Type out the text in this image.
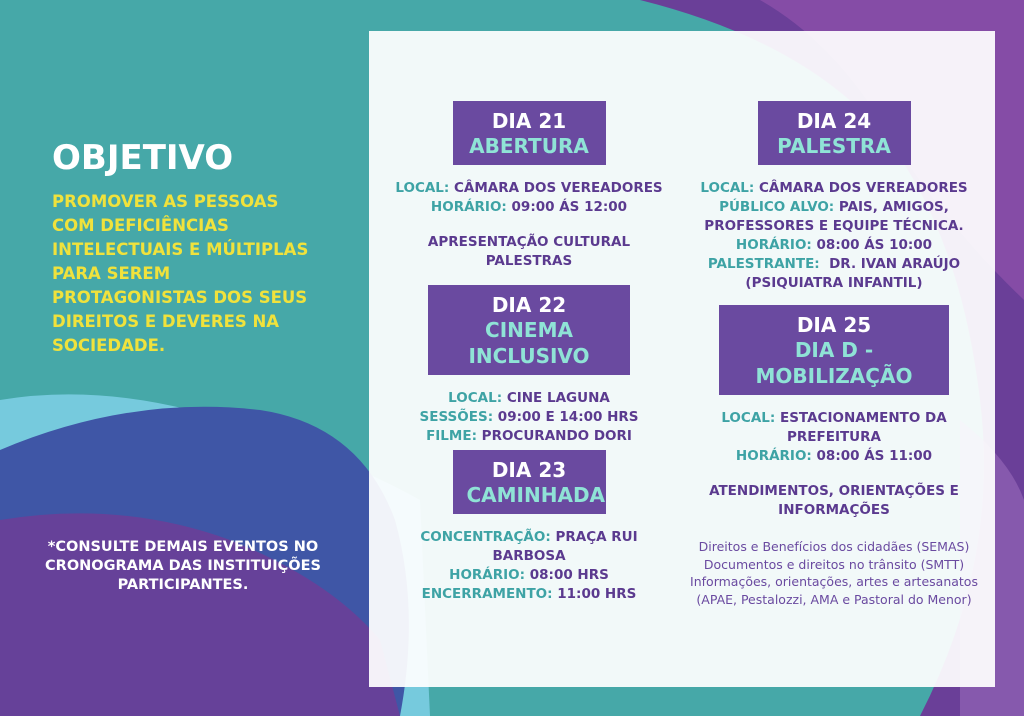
OBJETIVO

PROMOVER AS PESSOAS COM DEFICIÊNCIAS INTELECTUAIS E MÚLTIPLAS PARA SEREM PROTAGONISTAS DOS SEUS DIREITOS E DEVERES NA SOCIEDADE.

*CONSULTE DEMAIS EVENTOS NO CRONOGRAMA DAS INSTITUIÇÕES PARTICIPANTES.

DIA 21
ABERTURA
LOCAL: CÂMARA DOS VEREADORES
HORÁRIO: 09:00 ÁS 12:00
APRESENTAÇÃO CULTURAL
PALESTRAS
DIA 22
CINEMA INCLUSIVO
LOCAL: CINE LAGUNA
SESSÕES: 09:00 E 14:00 HRS
FILME: PROCURANDO DORI
DIA 23
CAMINHADA
CONCENTRAÇÃO: PRAÇA RUI BARBOSA
HORÁRIO: 08:00 HRS
ENCERRAMENTO: 11:00 HRS
DIA 24
PALESTRA
LOCAL: CÂMARA DOS VEREADORES
PÚBLICO ALVO: PAIS, AMIGOS,
PROFESSORES E EQUIPE TÉCNICA.
HORÁRIO: 08:00 ÁS 10:00
PALESTRANTE:  DR. IVAN ARAÚJO
(PSIQUIATRA INFANTIL)
DIA 25
DIA D - MOBILIZAÇÃO
LOCAL: ESTACIONAMENTO DA
PREFEITURA
HORÁRIO: 08:00 ÁS 11:00
ATENDIMENTOS, ORIENTAÇÕES E
INFORMAÇÕES
Direitos e Benefícios dos cidadães (SEMAS)
Documentos e direitos no trânsito (SMTT)
Informações, orientações, artes e artesanatos
(APAE, Pestalozzi, AMA e Pastoral do Menor)
